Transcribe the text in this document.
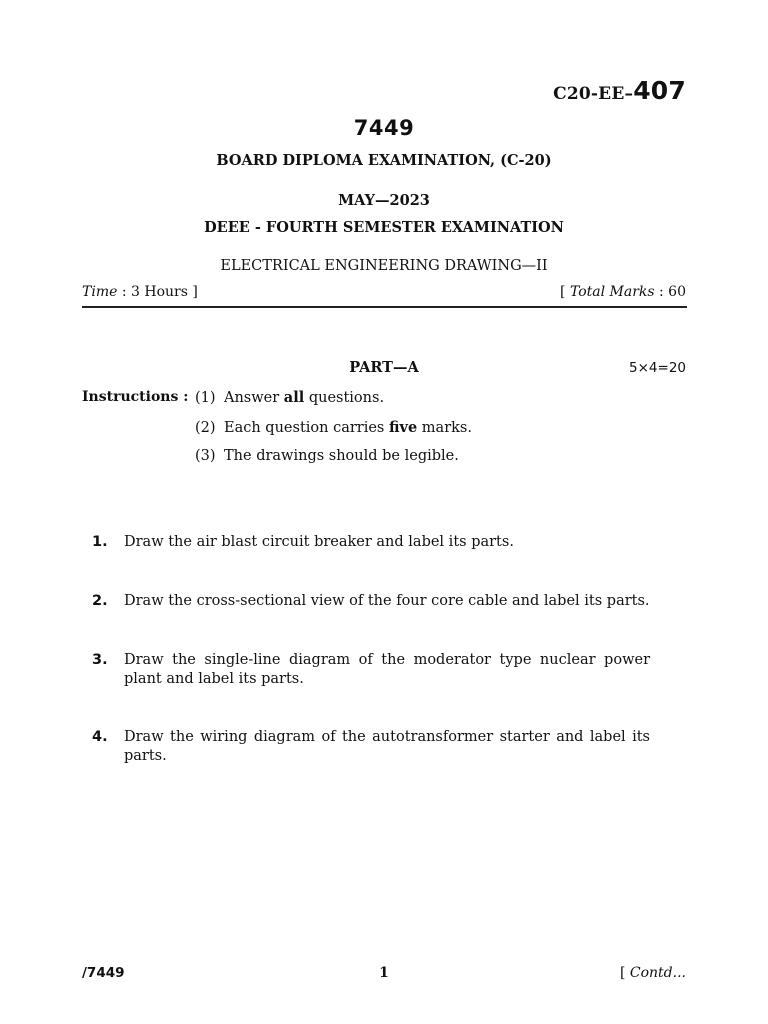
C20-EE–407
7449
BOARD DIPLOMA EXAMINATION, (C-20)
MAY—2023
DEEE - FOURTH SEMESTER EXAMINATION
ELECTRICAL ENGINEERING DRAWING—II
Time : 3 Hours ]	[ Total Marks : 60
PART—A	5×4=20
Instructions : (1) Answer all questions.
(2) Each question carries five marks.
(3) The drawings should be legible.
1. Draw the air blast circuit breaker and label its parts.
2. Draw the cross-sectional view of the four core cable and label its parts.
3. Draw the single-line diagram of the moderator type nuclear power plant and label its parts.
4. Draw the wiring diagram of the autotransformer starter and label its parts.
/7449	1	[ Contd...
